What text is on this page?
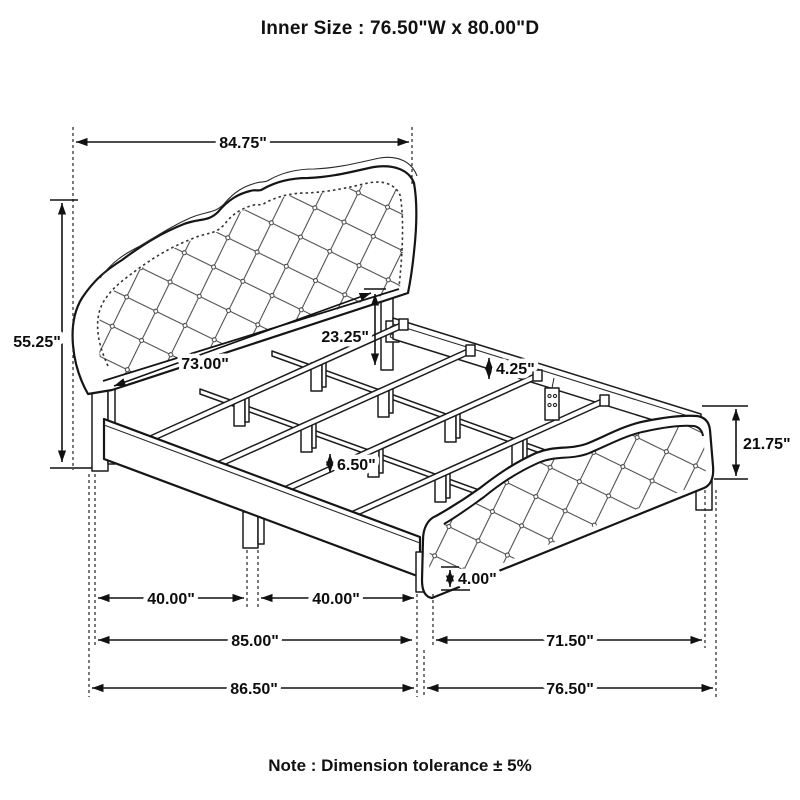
Inner Size : 76.50"W x 80.00"D
84.75"
55.25"
73.00"
23.25"
4.25"
21.75"
6.50"
40.00"	40.00"
4.00"
85.00"	71.50"
86.50"	76.50"
Note : Dimension tolerance ± 5%
